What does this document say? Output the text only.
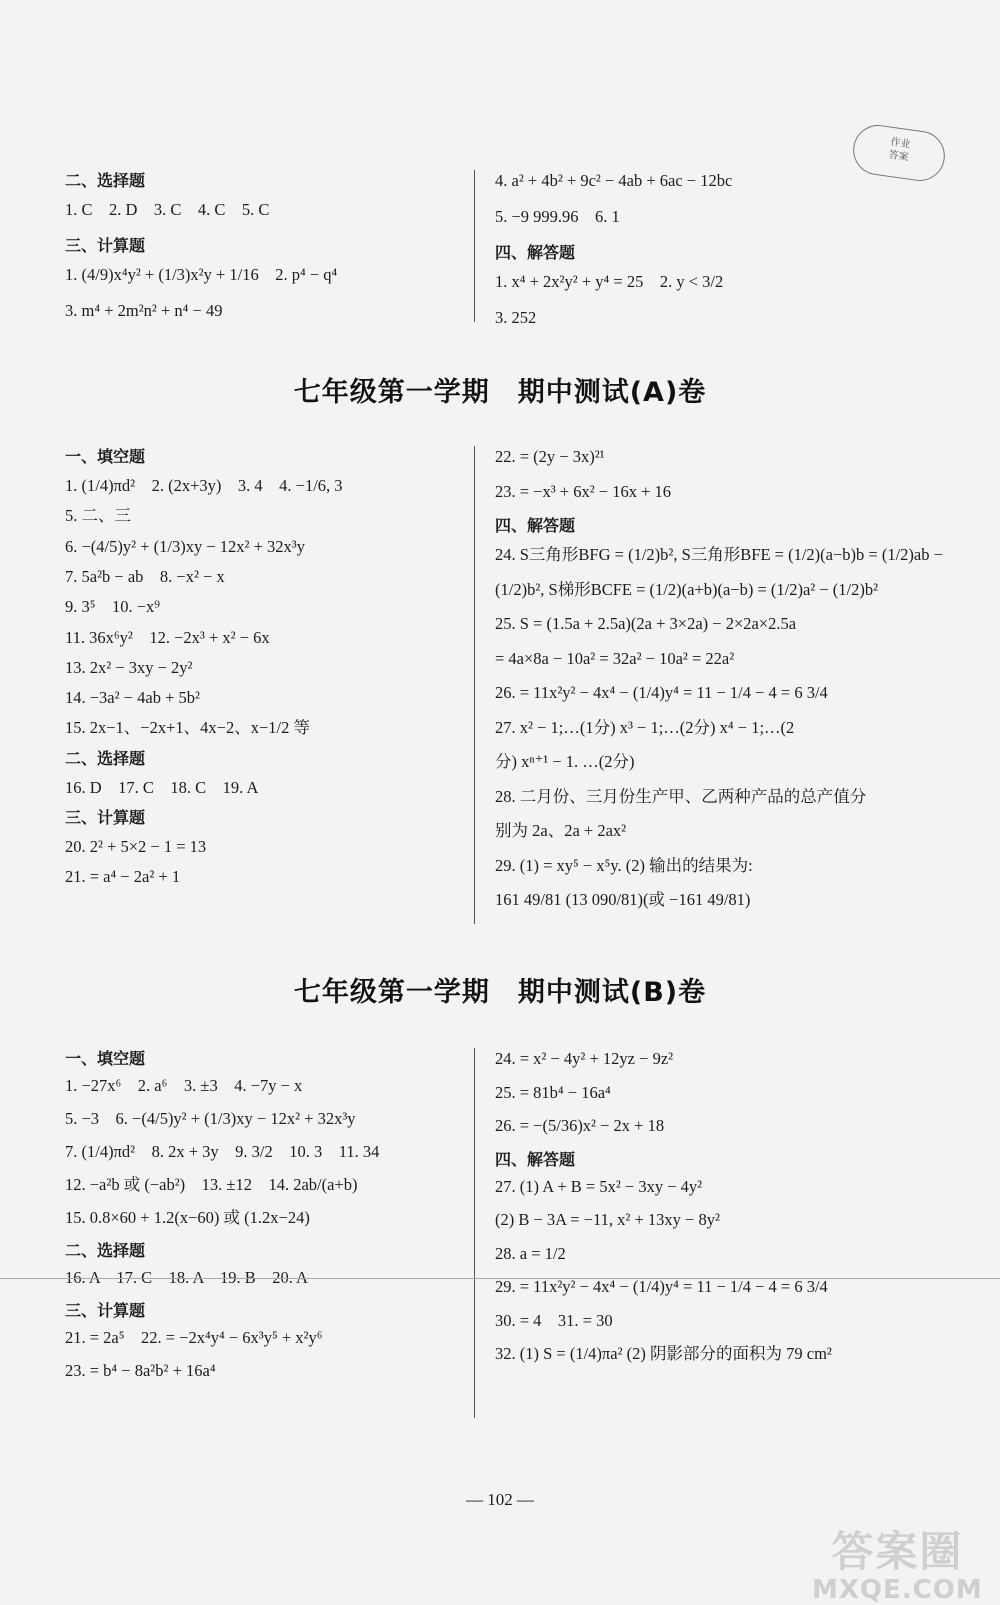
作业
答案
二、选择题
1. C　2. D　3. C　4. C　5. C
三、计算题
1. (4/9)x⁴y² + (1/3)x²y + 1/16　2. p⁴ − q⁴
3. m⁴ + 2m²n² + n⁴ − 49
4. a² + 4b² + 9c² − 4ab + 6ac − 12bc
5. −9 999.96　6. 1
四、解答题
1. x⁴ + 2x²y² + y⁴ = 25　2. y < 3/2
3. 252
七年级第一学期　期中测试(A)卷
一、填空题
1. (1/4)πd²　2. (2x+3y)　3. 4　4. −1/6, 3
5. 二、三
6. −(4/5)y² + (1/3)xy − 12x² + 32x³y
7. 5a²b − ab　8. −x² − x
9. 3⁵　10. −x⁹
11. 36x⁶y²　12. −2x³ + x² − 6x
13. 2x² − 3xy − 2y²
14. −3a² − 4ab + 5b²
15. 2x−1、−2x+1、4x−2、x−1/2 等
二、选择题
16. D　17. C　18. C　19. A
三、计算题
20. 2² + 5×2 − 1 = 13
21. = a⁴ − 2a² + 1
22. = (2y − 3x)²¹
23. = −x³ + 6x² − 16x + 16
四、解答题
24. S三角形BFG = (1/2)b², S三角形BFE = (1/2)(a−b)b = (1/2)ab −
(1/2)b², S梯形BCFE = (1/2)(a+b)(a−b) = (1/2)a² − (1/2)b²
25. S = (1.5a + 2.5a)(2a + 3×2a) − 2×2a×2.5a
= 4a×8a − 10a² = 32a² − 10a² = 22a²
26. = 11x²y² − 4x⁴ − (1/4)y⁴ = 11 − 1/4 − 4 = 6 3/4
27. x² − 1;…(1分) x³ − 1;…(2分) x⁴ − 1;…(2
分) xⁿ⁺¹ − 1. …(2分)
28. 二月份、三月份生产甲、乙两种产品的总产值分
别为 2a、2a + 2ax²
29. (1) = xy⁵ − x⁵y. (2) 输出的结果为:
161 49/81 (13 090/81)(或 −161 49/81)
七年级第一学期　期中测试(B)卷
一、填空题
1. −27x⁶　2. a⁶　3. ±3　4. −7y − x
5. −3　6. −(4/5)y² + (1/3)xy − 12x² + 32x³y
7. (1/4)πd²　8. 2x + 3y　9. 3/2　10. 3　11. 34
12. −a²b 或 (−ab²)　13. ±12　14. 2ab/(a+b)
15. 0.8×60 + 1.2(x−60) 或 (1.2x−24)
二、选择题
16. A　17. C　18. A　19. B　20. A
三、计算题
21. = 2a⁵　22. = −2x⁴y⁴ − 6x³y⁵ + x²y⁶
23. = b⁴ − 8a²b² + 16a⁴
24. = x² − 4y² + 12yz − 9z²
25. = 81b⁴ − 16a⁴
26. = −(5/36)x² − 2x + 18
四、解答题
27. (1) A + B = 5x² − 3xy − 4y²
(2) B − 3A = −11, x² + 13xy − 8y²
28. a = 1/2
29. = 11x²y² − 4x⁴ − (1/4)y⁴ = 11 − 1/4 − 4 = 6 3/4
30. = 4　31. = 30
32. (1) S = (1/4)πa² (2) 阴影部分的面积为 79 cm²
— 102 —
答案圈
MXQE.COM
